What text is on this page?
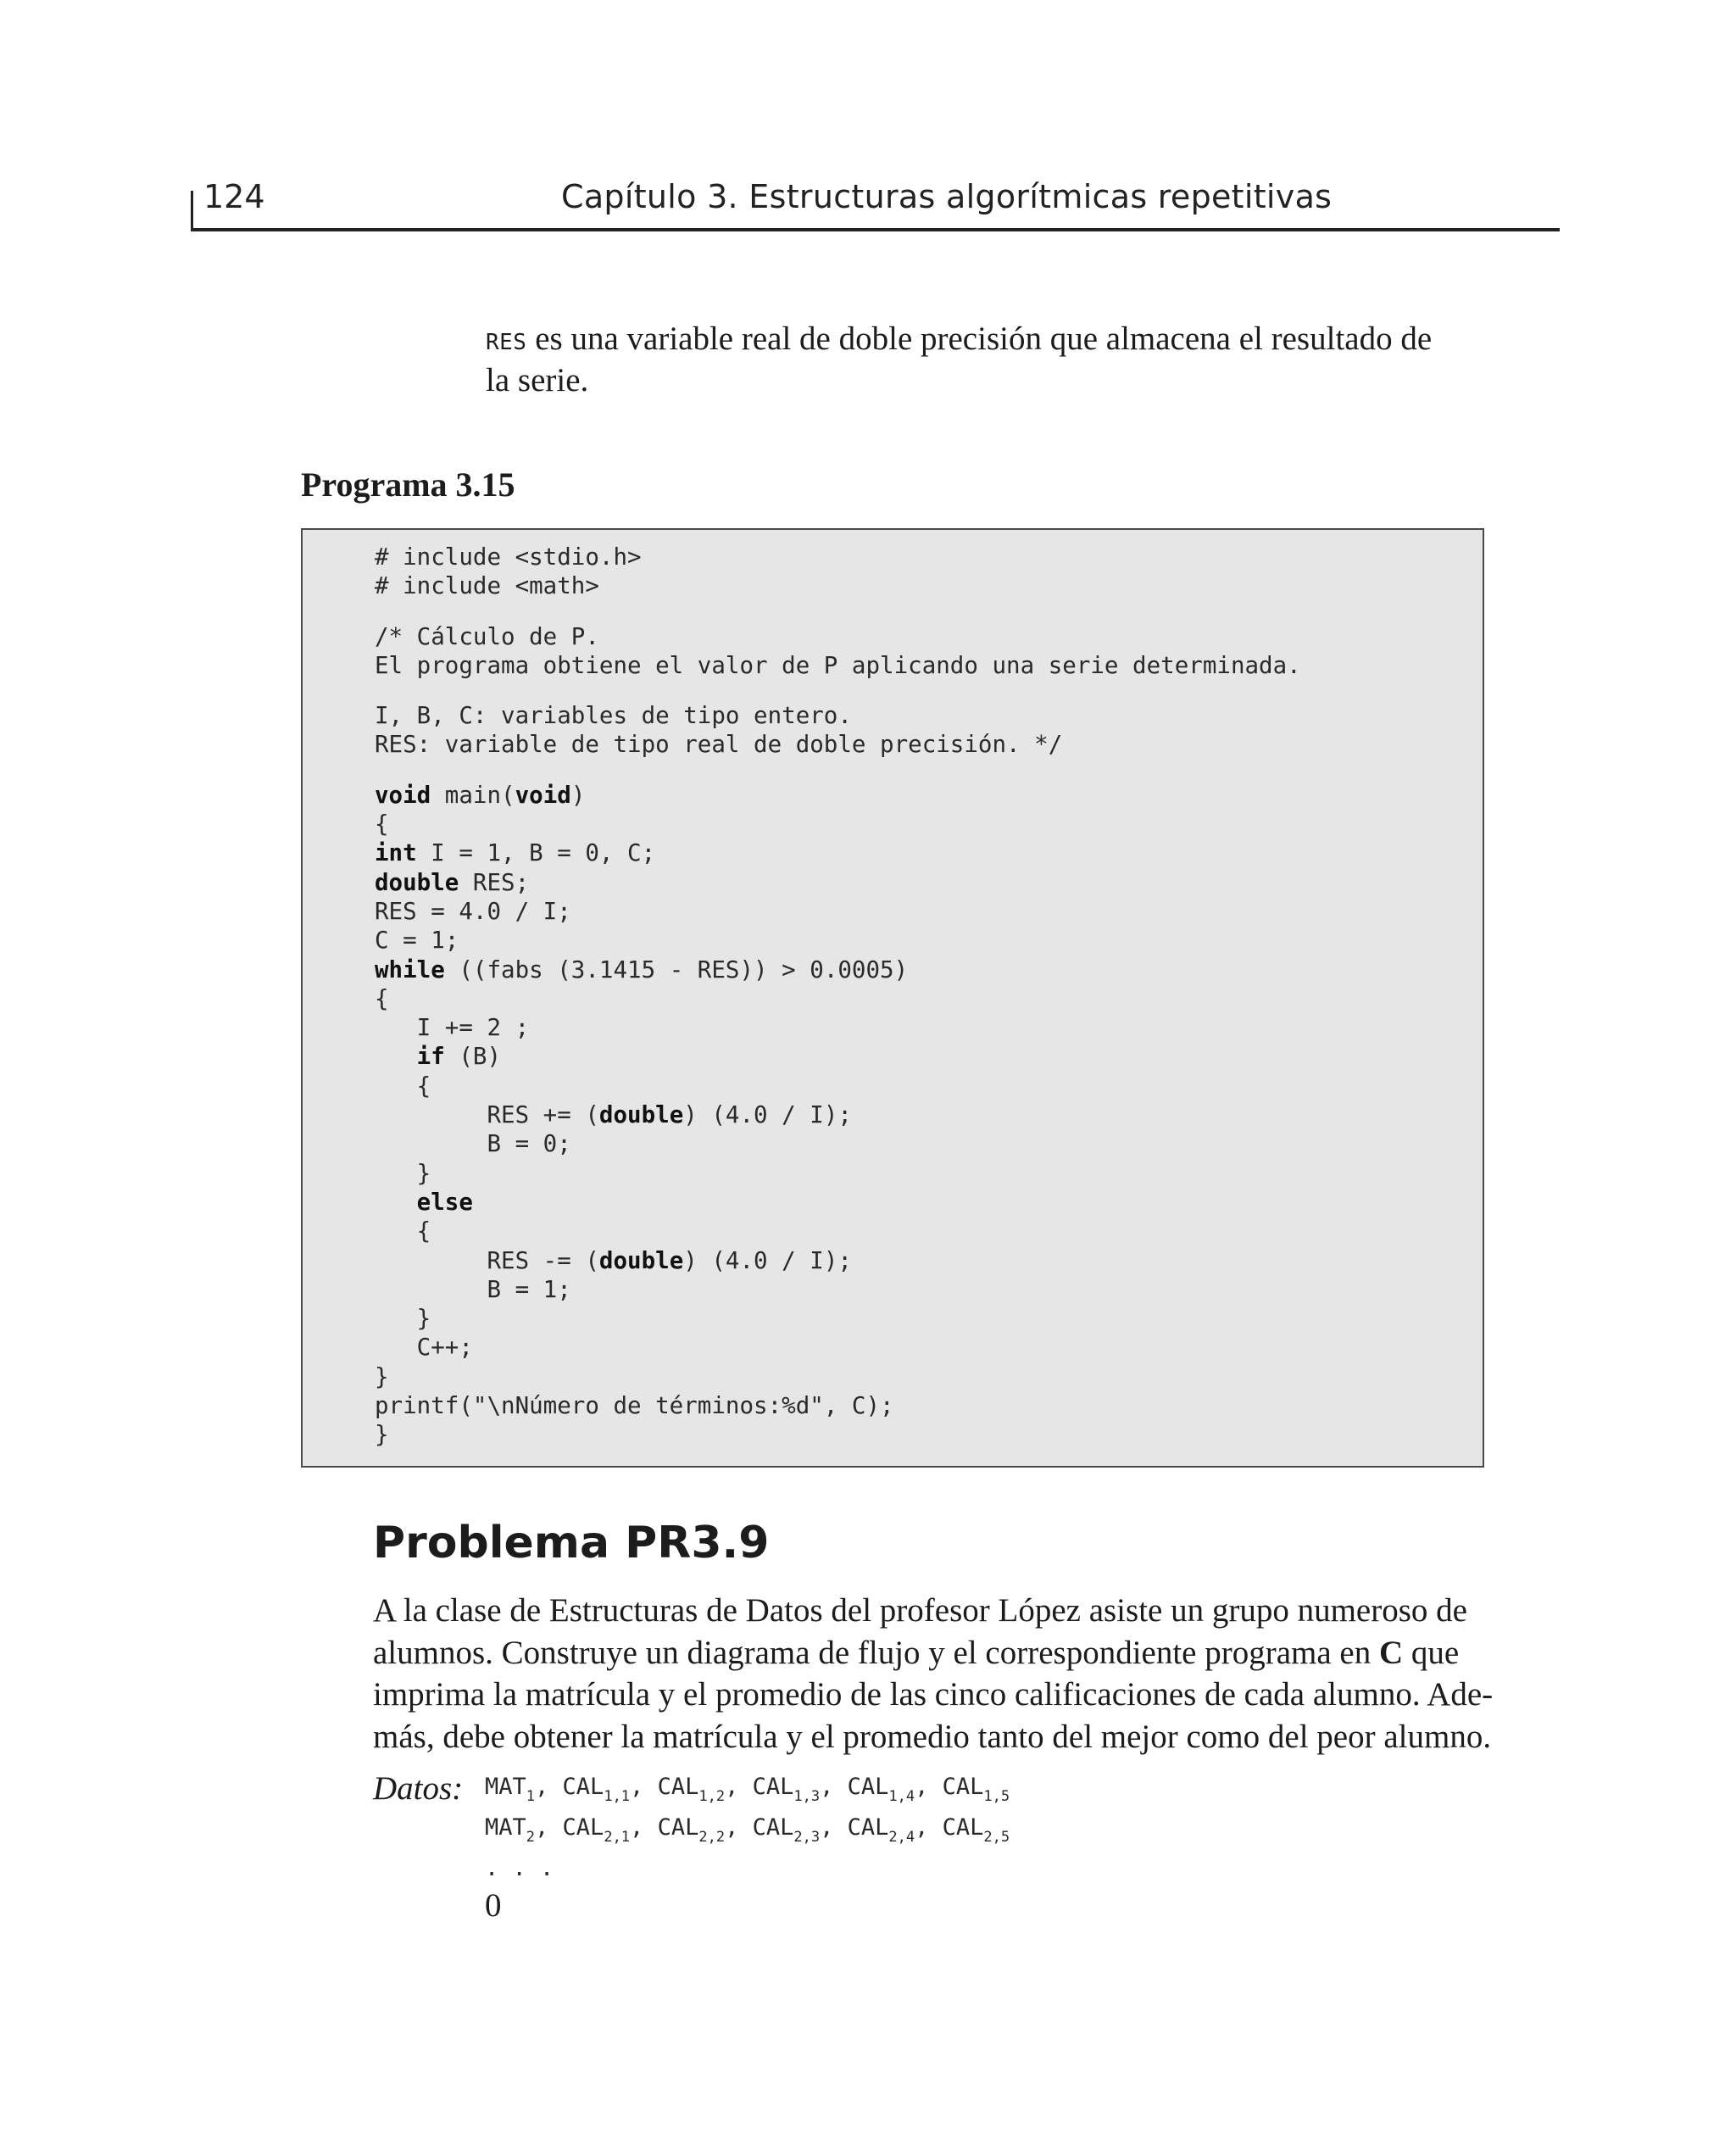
124	Capítulo 3. Estructuras algorítmicas repetitivas
RES es una variable real de doble precisión que almacena el resultado de
la serie.
Programa 3.15
# include <stdio.h>
# include <math>
/* Cálculo de P.
El programa obtiene el valor de P aplicando una serie determinada.
I, B, C: variables de tipo entero.
RES: variable de tipo real de doble precisión. */
void main(void)
{
int I = 1, B = 0, C;
double RES;
RES = 4.0 / I;
C = 1;
while ((fabs (3.1415 - RES)) > 0.0005)
{
I += 2 ;
if (B)
{
RES += (double) (4.0 / I);
B = 0;
}
else
{
RES -= (double) (4.0 / I);
B = 1;
}
C++;
}
printf("\nNúmero de términos:%d", C);
}
Problema PR3.9

A la clase de Estructuras de Datos del profesor López asiste un grupo numeroso de

alumnos. Construye un diagrama de flujo y el correspondiente programa en C que

imprima la matrícula y el promedio de las cinco calificaciones de cada alumno. Ade-

más, debe obtener la matrícula y el promedio tanto del mejor como del peor alumno.

Datos: $MAT_1$, $CAL_{1,1}$, $CAL_{1,2}$, $CAL_{1,3}$, $CAL_{1,4}$, $CAL_{1,5}$
$MAT_2$, $CAL_{2,1}$, $CAL_{2,2}$, $CAL_{2,3}$, $CAL_{2,4}$, $CAL_{2,5}$
. . .
0
